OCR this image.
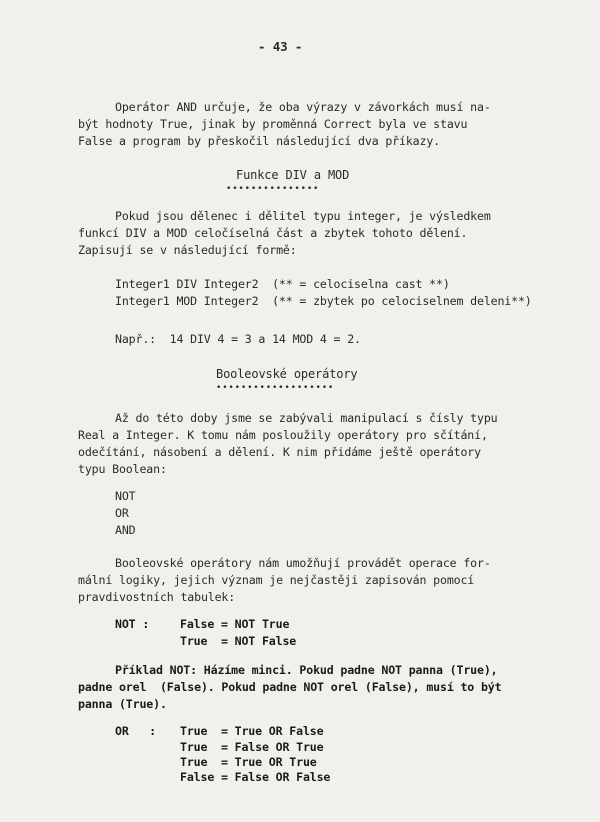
- 43 -
Operátor AND určuje, že oba výrazy v závorkách musí na-
být hodnoty True, jinak by proměnná Correct byla ve stavu
False a program by přeskočil následující dva příkazy.
Funkce DIV a MOD
•••••••••••••••
Pokud jsou dělenec i dělitel typu integer, je výsledkem
funkcí DIV a MOD celočíselná část a zbytek tohoto dělení.
Zapisují se v následující formě:
Integer1 DIV Integer2  (** = celociselna cast **)
Integer1 MOD Integer2  (** = zbytek po celociselnem deleni**)
Např.:  14 DIV 4 = 3 a 14 MOD 4 = 2.
Booleovské operátory
•••••••••••••••••••
Až do této doby jsme se zabývali manipulací s čísly typu
Real a Integer. K tomu nám posloužily operátory pro sčítání,
odečítání, násobení a dělení. K nim přidáme ještě operátory
typu Boolean:
NOT
OR
AND
Booleovské operátory nám umožňují provádět operace for-
mální logiky, jejich význam je nejčastěji zapisován pomocí
pravdivostních tabulek:
NOT :	False = NOT True
True  = NOT False
Příklad NOT: Házíme minci. Pokud padne NOT panna (True),
padne orel  (False). Pokud padne NOT orel (False), musí to být
panna (True).
OR   : True  = True OR False
True  = False OR True
True  = True OR True
False = False OR False
